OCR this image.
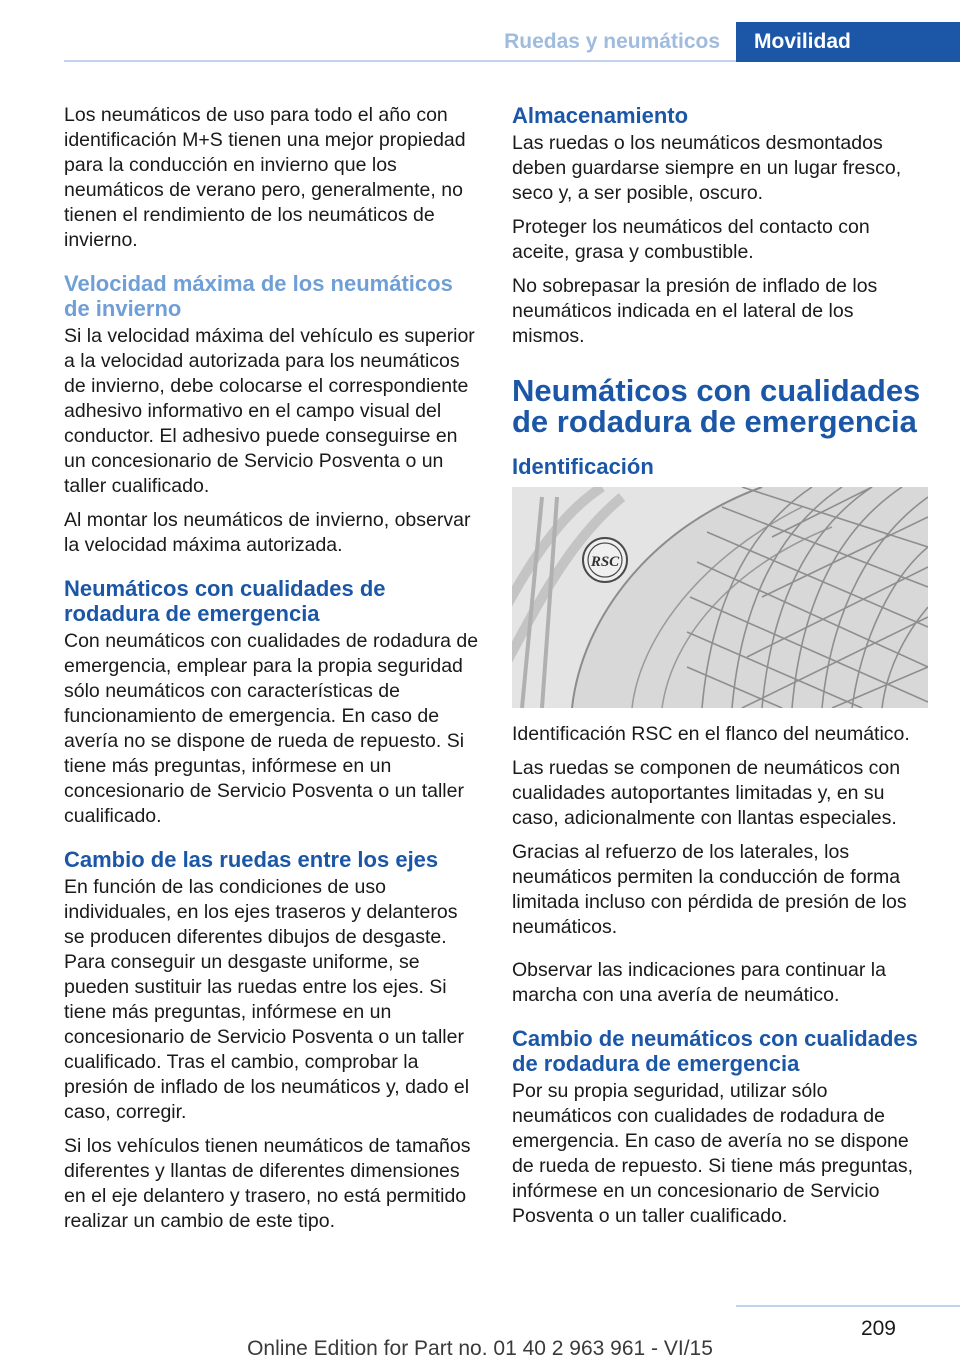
Ruedas y neumáticos	Movilidad

Los neumáticos de uso para todo el año con identificación M+S tienen una mejor propiedad para la conducción en invierno que los neumáticos de verano pero, generalmente, no tienen el rendimiento de los neumáticos de invierno.

Velocidad máxima de los neumáticos de invierno

Si la velocidad máxima del vehículo es superior a la velocidad autorizada para los neumáticos de invierno, debe colocarse el correspondiente adhesivo informativo en el campo visual del conductor. El adhesivo puede conseguirse en un concesionario de Servicio Posventa o un taller cualificado.

Al montar los neumáticos de invierno, observar la velocidad máxima autorizada.

Neumáticos con cualidades de rodadura de emergencia

Con neumáticos con cualidades de rodadura de emergencia, emplear para la propia seguridad sólo neumáticos con características de funcionamiento de emergencia. En caso de avería no se dispone de rueda de repuesto. Si tiene más preguntas, infórmese en un concesionario de Servicio Posventa o un taller cualificado.

Cambio de las ruedas entre los ejes

En función de las condiciones de uso individuales, en los ejes traseros y delanteros se producen diferentes dibujos de desgaste. Para conseguir un desgaste uniforme, se pueden sustituir las ruedas entre los ejes. Si tiene más preguntas, infórmese en un concesionario de Servicio Posventa o un taller cualificado. Tras el cambio, comprobar la presión de inflado de los neumáticos y, dado el caso, corregir.

Si los vehículos tienen neumáticos de tamaños diferentes y llantas de diferentes dimensiones en el eje delantero y trasero, no está permitido realizar un cambio de este tipo.

Almacenamiento

Las ruedas o los neumáticos desmontados deben guardarse siempre en un lugar fresco, seco y, a ser posible, oscuro.

Proteger los neumáticos del contacto con aceite, grasa y combustible.

No sobrepasar la presión de inflado de los neumáticos indicada en el lateral de los mismos.

Neumáticos con cualidades de rodadura de emergencia
Identificación
RSC

Identificación RSC en el flanco del neumático.

Las ruedas se componen de neumáticos con cualidades autoportantes limitadas y, en su caso, adicionalmente con llantas especiales.

Gracias al refuerzo de los laterales, los neumáticos permiten la conducción de forma limitada incluso con pérdida de presión de los neumáticos.

Observar las indicaciones para continuar la marcha con una avería de neumático.

Cambio de neumáticos con cualidades de rodadura de emergencia

Por su propia seguridad, utilizar sólo neumáticos con cualidades de rodadura de emergencia. En caso de avería no se dispone de rueda de repuesto. Si tiene más preguntas, infórmese en un concesionario de Servicio Posventa o un taller cualificado.

209
Online Edition for Part no. 01 40 2 963 961 - VI/15
